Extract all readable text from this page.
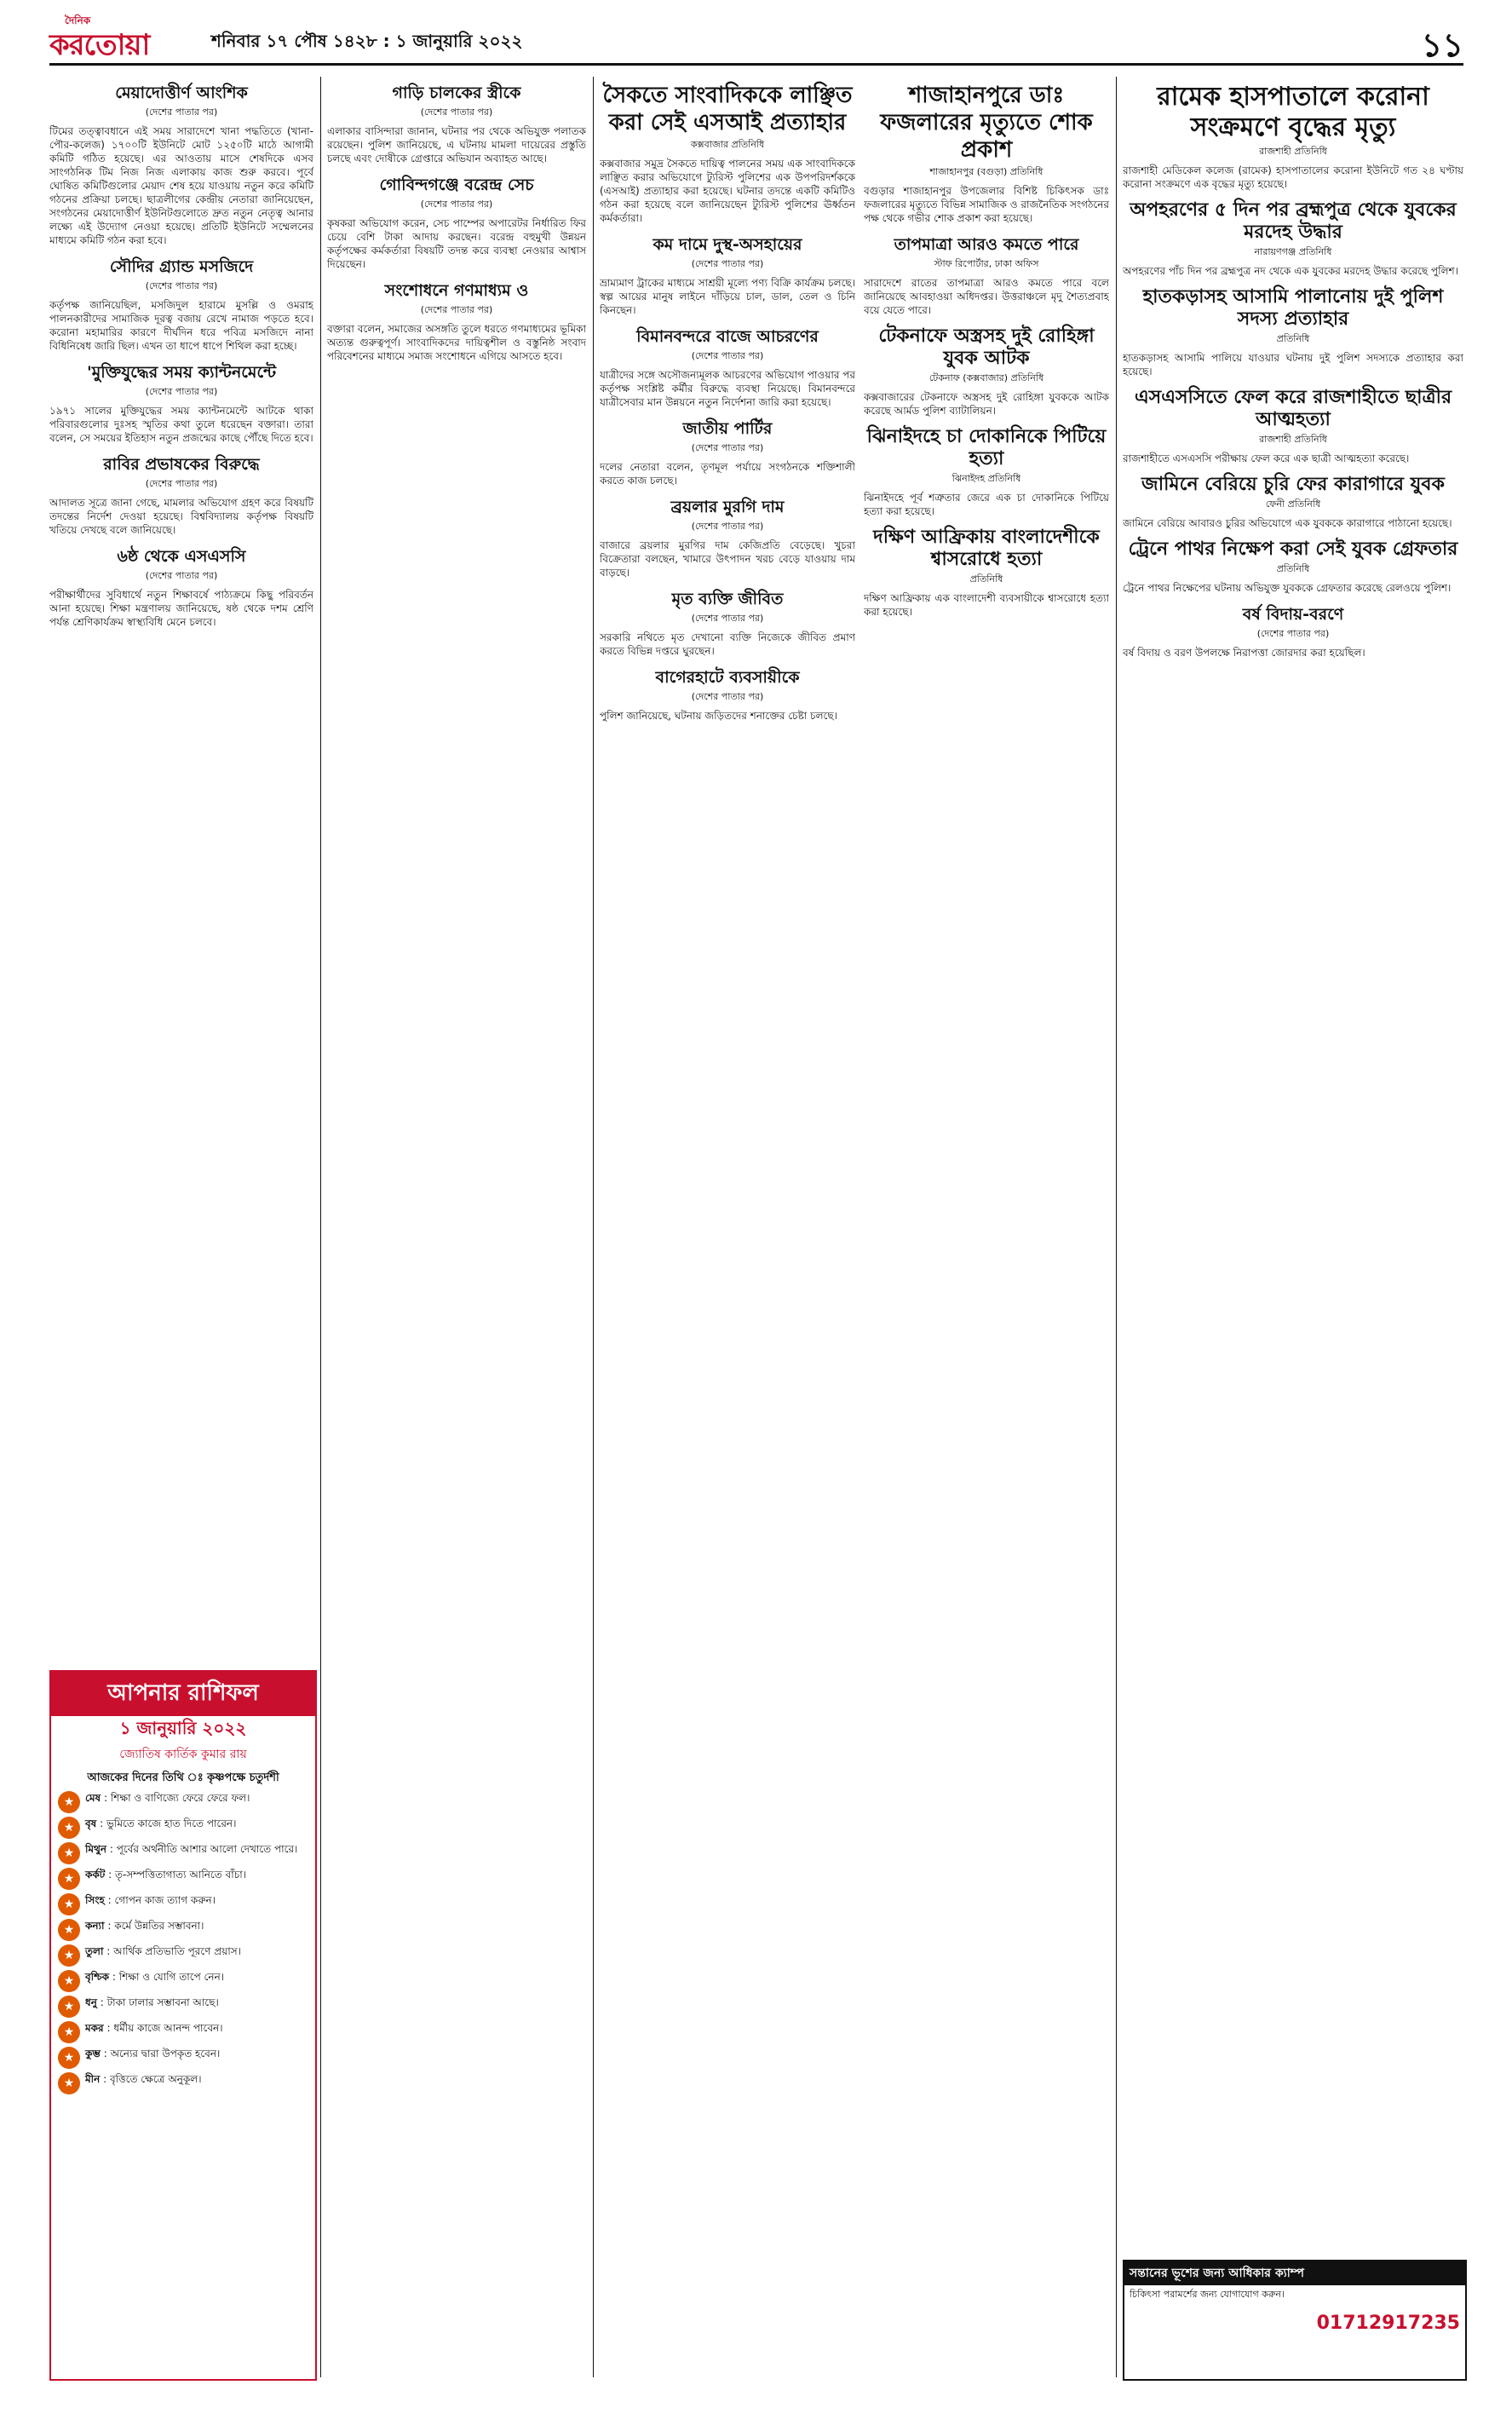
দৈনিক
করতোয়া	শনিবার ১৭ পৌষ ১৪২৮ : ১ জানুয়ারি ২০২২	১১
মেয়াদোত্তীর্ণ আংশিক
(দেশের পাতার পর)
টিমের তত্ত্বাবধানে এই সময় সারাদেশে খানা পদ্ধতিতে (খানা-পৌর-কলেজ) ১৭০০টি ইউনিটে মোট ১২৫০টি মাঠে আগামী কমিটি গঠিত হয়েছে। এর আওতায় মাসে শেষদিকে এসব সাংগঠনিক টিম নিজ নিজ এলাকায় কাজ শুরু করবে। পূর্বে ঘোষিত কমিটিগুলোর মেয়াদ শেষ হয়ে যাওয়ায় নতুন করে কমিটি গঠনের প্রক্রিয়া চলছে। ছাত্রলীগের কেন্দ্রীয় নেতারা জানিয়েছেন, সংগঠনের মেয়াদোত্তীর্ণ ইউনিটগুলোতে দ্রুত নতুন নেতৃত্ব আনার লক্ষ্যে এই উদ্যোগ নেওয়া হয়েছে। প্রতিটি ইউনিটে সম্মেলনের মাধ্যমে কমিটি গঠন করা হবে।
সৌদির গ্র্যান্ড মসজিদে
(দেশের পাতার পর)
কর্তৃপক্ষ জানিয়েছিল, মসজিদুল হারামে মুসল্লি ও ওমরাহ পালনকারীদের সামাজিক দূরত্ব বজায় রেখে নামাজ পড়তে হবে। করোনা মহামারির কারণে দীর্ঘদিন ধরে পবিত্র মসজিদে নানা বিধিনিষেধ জারি ছিল। এখন তা ধাপে ধাপে শিথিল করা হচ্ছে।
'মুক্তিযুদ্ধের সময় ক্যান্টনমেন্টে
(দেশের পাতার পর)
১৯৭১ সালের মুক্তিযুদ্ধের সময় ক্যান্টনমেন্টে আটকে থাকা পরিবারগুলোর দুঃসহ স্মৃতির কথা তুলে ধরেছেন বক্তারা। তারা বলেন, সে সময়ের ইতিহাস নতুন প্রজন্মের কাছে পৌঁছে দিতে হবে।
রাবির প্রভাষকের বিরুদ্ধে
(দেশের পাতার পর)
আদালত সূত্রে জানা গেছে, মামলার অভিযোগ গ্রহণ করে বিষয়টি তদন্তের নির্দেশ দেওয়া হয়েছে। বিশ্ববিদ্যালয় কর্তৃপক্ষ বিষয়টি খতিয়ে দেখছে বলে জানিয়েছে।
৬ষ্ঠ থেকে এসএসসি
(দেশের পাতার পর)
পরীক্ষার্থীদের সুবিধার্থে নতুন শিক্ষাবর্ষে পাঠ্যক্রমে কিছু পরিবর্তন আনা হয়েছে। শিক্ষা মন্ত্রণালয় জানিয়েছে, ষষ্ঠ থেকে দশম শ্রেণি পর্যন্ত শ্রেণিকার্যক্রম স্বাস্থ্যবিধি মেনে চলবে।
আপনার রাশিফল
১ জানুয়ারি ২০২২
জ্যোতিষ কার্তিক কুমার রায়
আজকের দিনের তিথি ঃ কৃষ্ণপক্ষে চতুর্দশী
★	মেষ : শিক্ষা ও বাণিজ্যে ফেরে ফেরে ফল।
★	বৃষ : ভুমিতে কাজে হাত দিতে পারেন।
★	মিথুন : পূর্বের অর্থনীতি আশার আলো দেখাতে পারে।
★	কর্কট : তৃ-সম্পত্তিতাগাত্য আনিতে বাঁচা।
★	সিংহ : গোপন কাজ ত্যাগ করুন।
★	কন্যা : কর্মে উন্নতির সম্ভাবনা।
★	তুলা : আর্থিক প্রতিভাতি পূরণে প্রয়াস।
★	বৃশ্চিক : শিক্ষা ও যোগি তাপে নেন।
★	ধনু : টাকা ঢালার সম্ভাবনা আছে।
★	মকর : ধর্মীয় কাজে আনন্দ পাবেন।
★	কুম্ভ : অন্যের দ্বারা উপকৃত হবেন।
★	মীন : বৃত্তিতে ক্ষেত্রে অনুকূল।
গাড়ি চালকের স্ত্রীকে
(দেশের পাতার পর)
এলাকার বাসিন্দারা জানান, ঘটনার পর থেকে অভিযুক্ত পলাতক রয়েছেন। পুলিশ জানিয়েছে, এ ঘটনায় মামলা দায়েরের প্রস্তুতি চলছে এবং দোষীকে গ্রেপ্তারে অভিযান অব্যাহত আছে।
গোবিন্দগঞ্জে বরেন্দ্র সেচ
(দেশের পাতার পর)
কৃষকরা অভিযোগ করেন, সেচ পাম্পের অপারেটর নির্ধারিত ফির চেয়ে বেশি টাকা আদায় করছেন। বরেন্দ্র বহুমুখী উন্নয়ন কর্তৃপক্ষের কর্মকর্তারা বিষয়টি তদন্ত করে ব্যবস্থা নেওয়ার আশ্বাস দিয়েছেন।
সংশোধনে গণমাধ্যম ও
(দেশের পাতার পর)
বক্তারা বলেন, সমাজের অসঙ্গতি তুলে ধরতে গণমাধ্যমের ভূমিকা অত্যন্ত গুরুত্বপূর্ণ। সাংবাদিকদের দায়িত্বশীল ও বস্তুনিষ্ঠ সংবাদ পরিবেশনের মাধ্যমে সমাজ সংশোধনে এগিয়ে আসতে হবে।
সৈকতে সাংবাদিককে লাঞ্ছিত করা সেই এসআই প্রত্যাহার
কক্সবাজার প্রতিনিধি
কক্সবাজার সমুদ্র সৈকতে দায়িত্ব পালনের সময় এক সাংবাদিককে লাঞ্ছিত করার অভিযোগে ট্যুরিস্ট পুলিশের এক উপপরিদর্শককে (এসআই) প্রত্যাহার করা হয়েছে। ঘটনার তদন্তে একটি কমিটিও গঠন করা হয়েছে বলে জানিয়েছেন ট্যুরিস্ট পুলিশের ঊর্ধ্বতন কর্মকর্তারা।
কম দামে দুস্থ-অসহায়ের
(দেশের পাতার পর)
ভ্রাম্যমাণ ট্রাকের মাধ্যমে সাশ্রয়ী মূল্যে পণ্য বিক্রি কার্যক্রম চলছে। স্বল্প আয়ের মানুষ লাইনে দাঁড়িয়ে চাল, ডাল, তেল ও চিনি কিনছেন।
বিমানবন্দরে বাজে আচরণের
(দেশের পাতার পর)
যাত্রীদের সঙ্গে অসৌজন্যমূলক আচরণের অভিযোগ পাওয়ার পর কর্তৃপক্ষ সংশ্লিষ্ট কর্মীর বিরুদ্ধে ব্যবস্থা নিয়েছে। বিমানবন্দরে যাত্রীসেবার মান উন্নয়নে নতুন নির্দেশনা জারি করা হয়েছে।
জাতীয় পার্টির
(দেশের পাতার পর)
দলের নেতারা বলেন, তৃণমূল পর্যায়ে সংগঠনকে শক্তিশালী করতে কাজ চলছে।
ব্রয়লার মুরগি দাম
(দেশের পাতার পর)
বাজারে ব্রয়লার মুরগির দাম কেজিপ্রতি বেড়েছে। খুচরা বিক্রেতারা বলছেন, খামারে উৎপাদন খরচ বেড়ে যাওয়ায় দাম বাড়ছে।
মৃত ব্যক্তি জীবিত
(দেশের পাতার পর)
সরকারি নথিতে মৃত দেখানো ব্যক্তি নিজেকে জীবিত প্রমাণ করতে বিভিন্ন দপ্তরে ঘুরছেন।
বাগেরহাটে ব্যবসায়ীকে
(দেশের পাতার পর)
পুলিশ জানিয়েছে, ঘটনায় জড়িতদের শনাক্তের চেষ্টা চলছে।
শাজাহানপুরে ডাঃ ফজলারের মৃত্যুতে শোক প্রকাশ
শাজাহানপুর (বগুড়া) প্রতিনিধি
বগুড়ার শাজাহানপুর উপজেলার বিশিষ্ট চিকিৎসক ডাঃ ফজলারের মৃত্যুতে বিভিন্ন সামাজিক ও রাজনৈতিক সংগঠনের পক্ষ থেকে গভীর শোক প্রকাশ করা হয়েছে।
তাপমাত্রা আরও কমতে পারে
স্টাফ রিপোর্টার, ঢাকা অফিস
সারাদেশে রাতের তাপমাত্রা আরও কমতে পারে বলে জানিয়েছে আবহাওয়া অধিদপ্তর। উত্তরাঞ্চলে মৃদু শৈত্যপ্রবাহ বয়ে যেতে পারে।
টেকনাফে অস্ত্রসহ দুই রোহিঙ্গা যুবক আটক
টেকনাফ (কক্সবাজার) প্রতিনিধি
কক্সবাজারের টেকনাফে অস্ত্রসহ দুই রোহিঙ্গা যুবককে আটক করেছে আর্মড পুলিশ ব্যাটালিয়ন।
ঝিনাইদহে চা দোকানিকে পিটিয়ে হত্যা
ঝিনাইদহ প্রতিনিধি
ঝিনাইদহে পূর্ব শত্রুতার জেরে এক চা দোকানিকে পিটিয়ে হত্যা করা হয়েছে।
দক্ষিণ আফ্রিকায় বাংলাদেশীকে শ্বাসরোধে হত্যা
প্রতিনিধি
দক্ষিণ আফ্রিকায় এক বাংলাদেশী ব্যবসায়ীকে শ্বাসরোধে হত্যা করা হয়েছে।
রামেক হাসপাতালে করোনা সংক্রমণে বৃদ্ধের মৃত্যু
রাজশাহী প্রতিনিধি
রাজশাহী মেডিকেল কলেজ (রামেক) হাসপাতালের করোনা ইউনিটে গত ২৪ ঘণ্টায় করোনা সংক্রমণে এক বৃদ্ধের মৃত্যু হয়েছে।
অপহরণের ৫ দিন পর ব্রহ্মপুত্র থেকে যুবকের মরদেহ উদ্ধার
নারায়ণগঞ্জ প্রতিনিধি
অপহরণের পাঁচ দিন পর ব্রহ্মপুত্র নদ থেকে এক যুবকের মরদেহ উদ্ধার করেছে পুলিশ।
হাতকড়াসহ আসামি পালানোয় দুই পুলিশ সদস্য প্রত্যাহার
প্রতিনিধি
হাতকড়াসহ আসামি পালিয়ে যাওয়ার ঘটনায় দুই পুলিশ সদস্যকে প্রত্যাহার করা হয়েছে।
এসএসসিতে ফেল করে রাজশাহীতে ছাত্রীর আত্মহত্যা
রাজশাহী প্রতিনিধি
রাজশাহীতে এসএসসি পরীক্ষায় ফেল করে এক ছাত্রী আত্মহত্যা করেছে।
জামিনে বেরিয়ে চুরি ফের কারাগারে যুবক
ফেনী প্রতিনিধি
জামিনে বেরিয়ে আবারও চুরির অভিযোগে এক যুবককে কারাগারে পাঠানো হয়েছে।
ট্রেনে পাথর নিক্ষেপ করা সেই যুবক গ্রেফতার
প্রতিনিধি
ট্রেনে পাথর নিক্ষেপের ঘটনায় অভিযুক্ত যুবককে গ্রেফতার করেছে রেলওয়ে পুলিশ।
বর্ষ বিদায়-বরণে
(দেশের পাতার পর)
বর্ষ বিদায় ও বরণ উপলক্ষে নিরাপত্তা জোরদার করা হয়েছিল।
সন্তানের ভূশের জন্য আধিকার ক্যাম্প
চিকিৎসা পরামর্শের জন্য যোগাযোগ করুন।
01712917235
